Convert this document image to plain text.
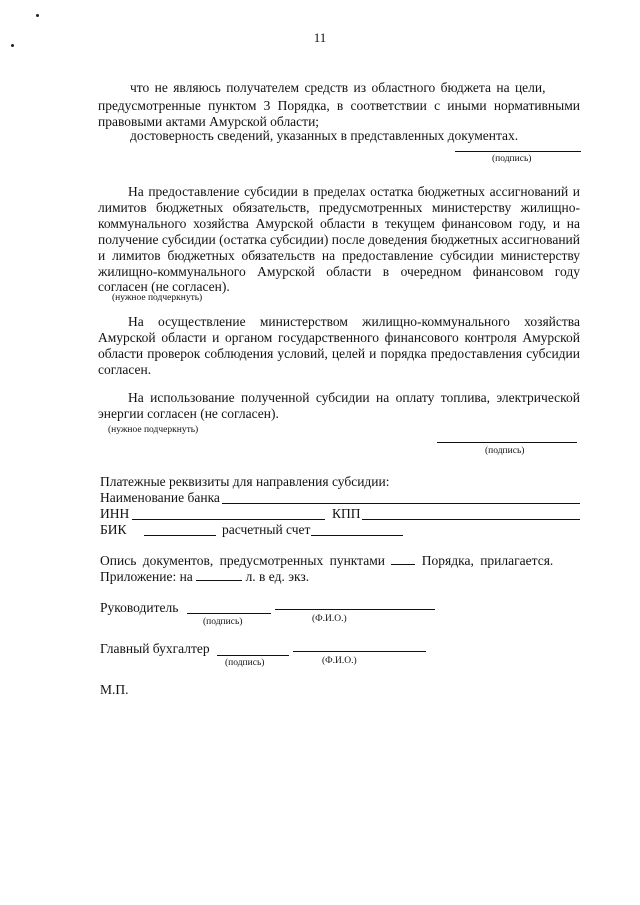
11
что не являюсь получателем средств из областного бюджета на цели,
предусмотренные пунктом 3 Порядка, в соответствии с иными нормативными
правовыми актами Амурской области;
достоверность сведений, указанных в представленных документах.
(подпись)
На предоставление субсидии в пределах остатка бюджетных ассигнований и
лимитов бюджетных обязательств, предусмотренных министерству жилищно-
коммунального хозяйства Амурской области в текущем финансовом году, и на
получение субсидии (остатка субсидии) после доведения бюджетных ассигнований
и лимитов бюджетных обязательств на предоставление субсидии министерству
жилищно-коммунального Амурской области в очередном финансовом году
согласен (не согласен).
(нужное подчеркнуть)
На осуществление министерством жилищно-коммунального хозяйства
Амурской области и органом государственного финансового контроля Амурской
области проверок соблюдения условий, целей и порядка предоставления субсидии
согласен.
На использование полученной субсидии на оплату топлива, электрической
энергии согласен (не согласен).
(нужное подчеркнуть)
(подпись)
Платежные реквизиты для направления субсидии:
Наименование банка
ИНН	КПП
БИК	расчетный счет
Опись документов, предусмотренных пунктами	Порядка, прилагается.
Приложение: на	л. в ед. экз.
Руководитель
(подпись)	(Ф.И.О.)
Главный бухгалтер
(подпись)	(Ф.И.О.)
М.П.
